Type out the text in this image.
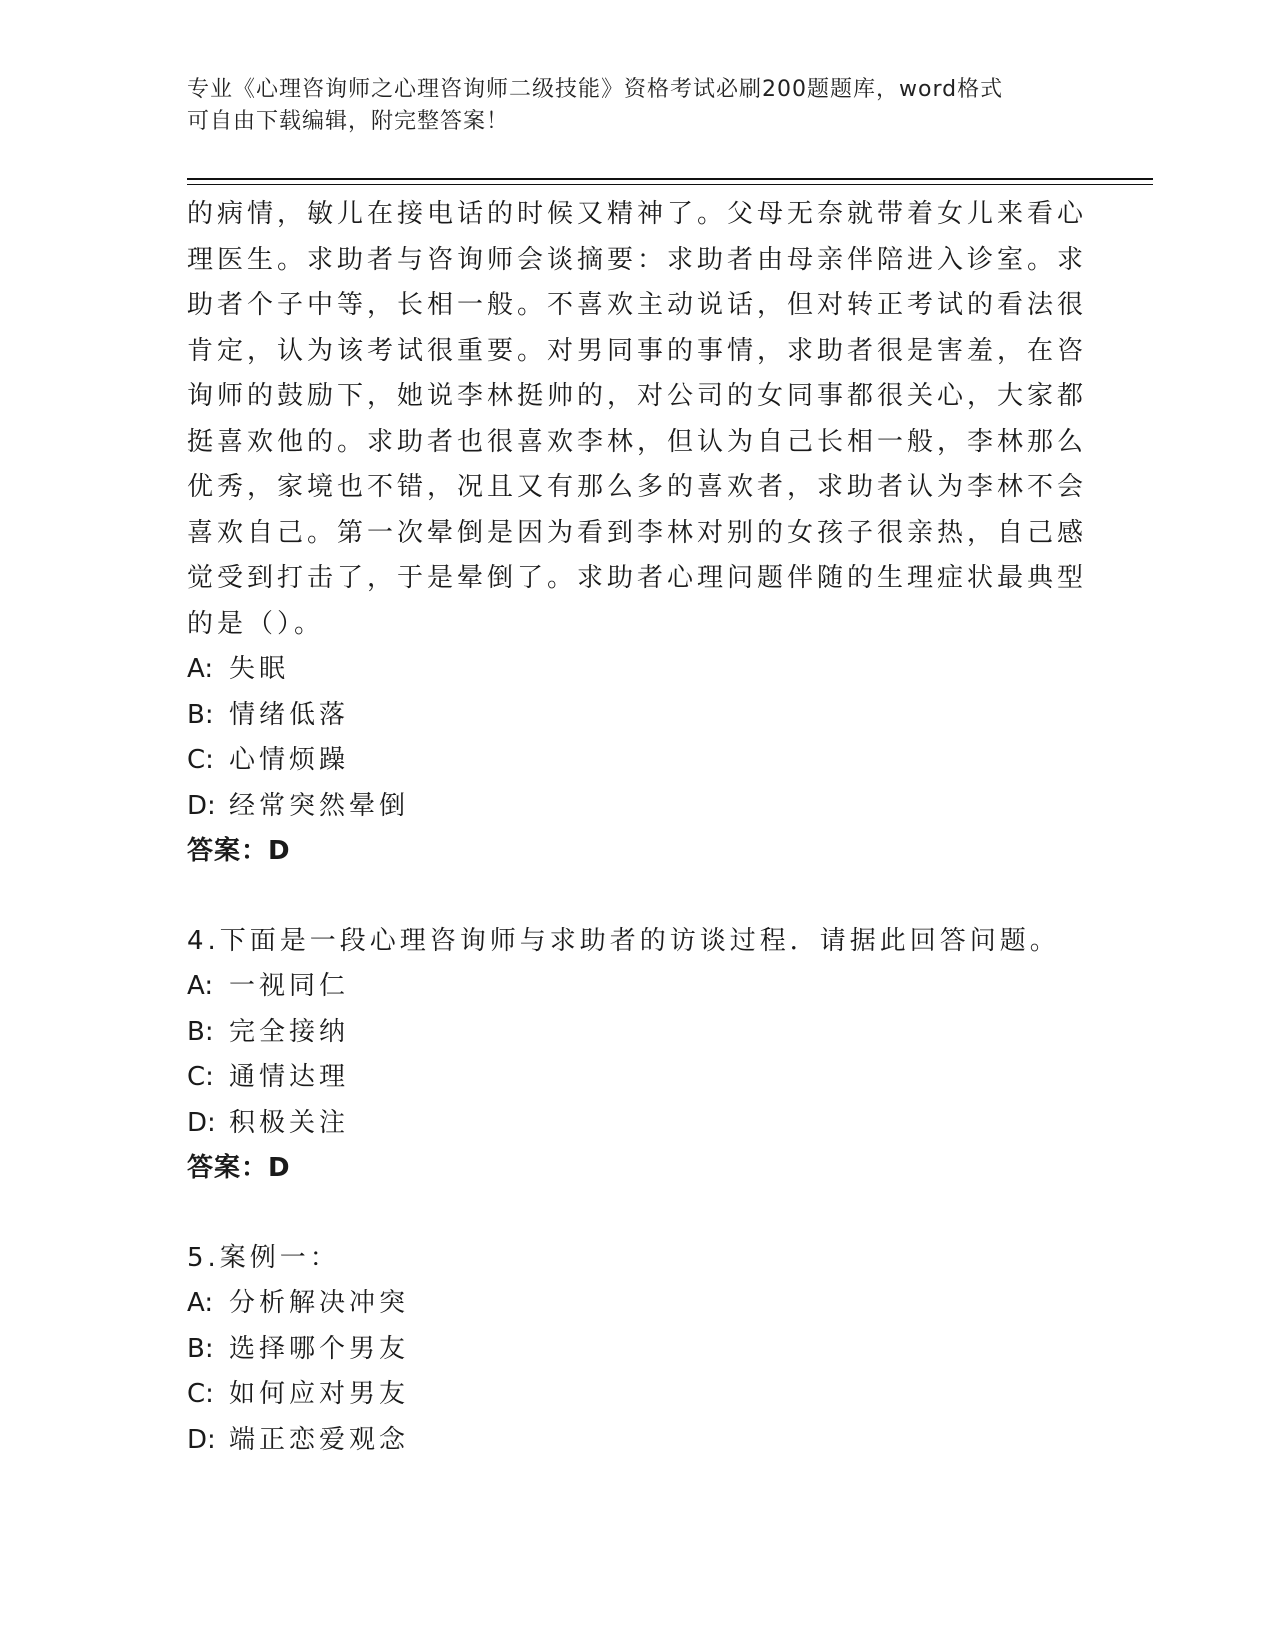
专业《心理咨询师之心理咨询师二级技能》资格考试必刷200题题库，word格式
可自由下载编辑，附完整答案！
的病情，敏儿在接电话的时候又精神了。父母无奈就带着女儿来看心
理医生。求助者与咨询师会谈摘要：求助者由母亲伴陪进入诊室。求
助者个子中等，长相一般。不喜欢主动说话，但对转正考试的看法很
肯定，认为该考试很重要。对男同事的事情，求助者很是害羞，在咨
询师的鼓励下，她说李林挺帅的，对公司的女同事都很关心，大家都
挺喜欢他的。求助者也很喜欢李林，但认为自己长相一般，李林那么
优秀，家境也不错，况且又有那么多的喜欢者，求助者认为李林不会
喜欢自己。第一次晕倒是因为看到李林对别的女孩子很亲热，自己感
觉受到打击了，于是晕倒了。求助者心理问题伴随的生理症状最典型
的是（）。
A: 失眠
B: 情绪低落
C: 心情烦躁
D: 经常突然晕倒
答案：D
4.下面是一段心理咨询师与求助者的访谈过程．请据此回答问题。
A: 一视同仁
B: 完全接纳
C: 通情达理
D: 积极关注
答案：D
5.案例一：
A: 分析解决冲突
B: 选择哪个男友
C: 如何应对男友
D: 端正恋爱观念
